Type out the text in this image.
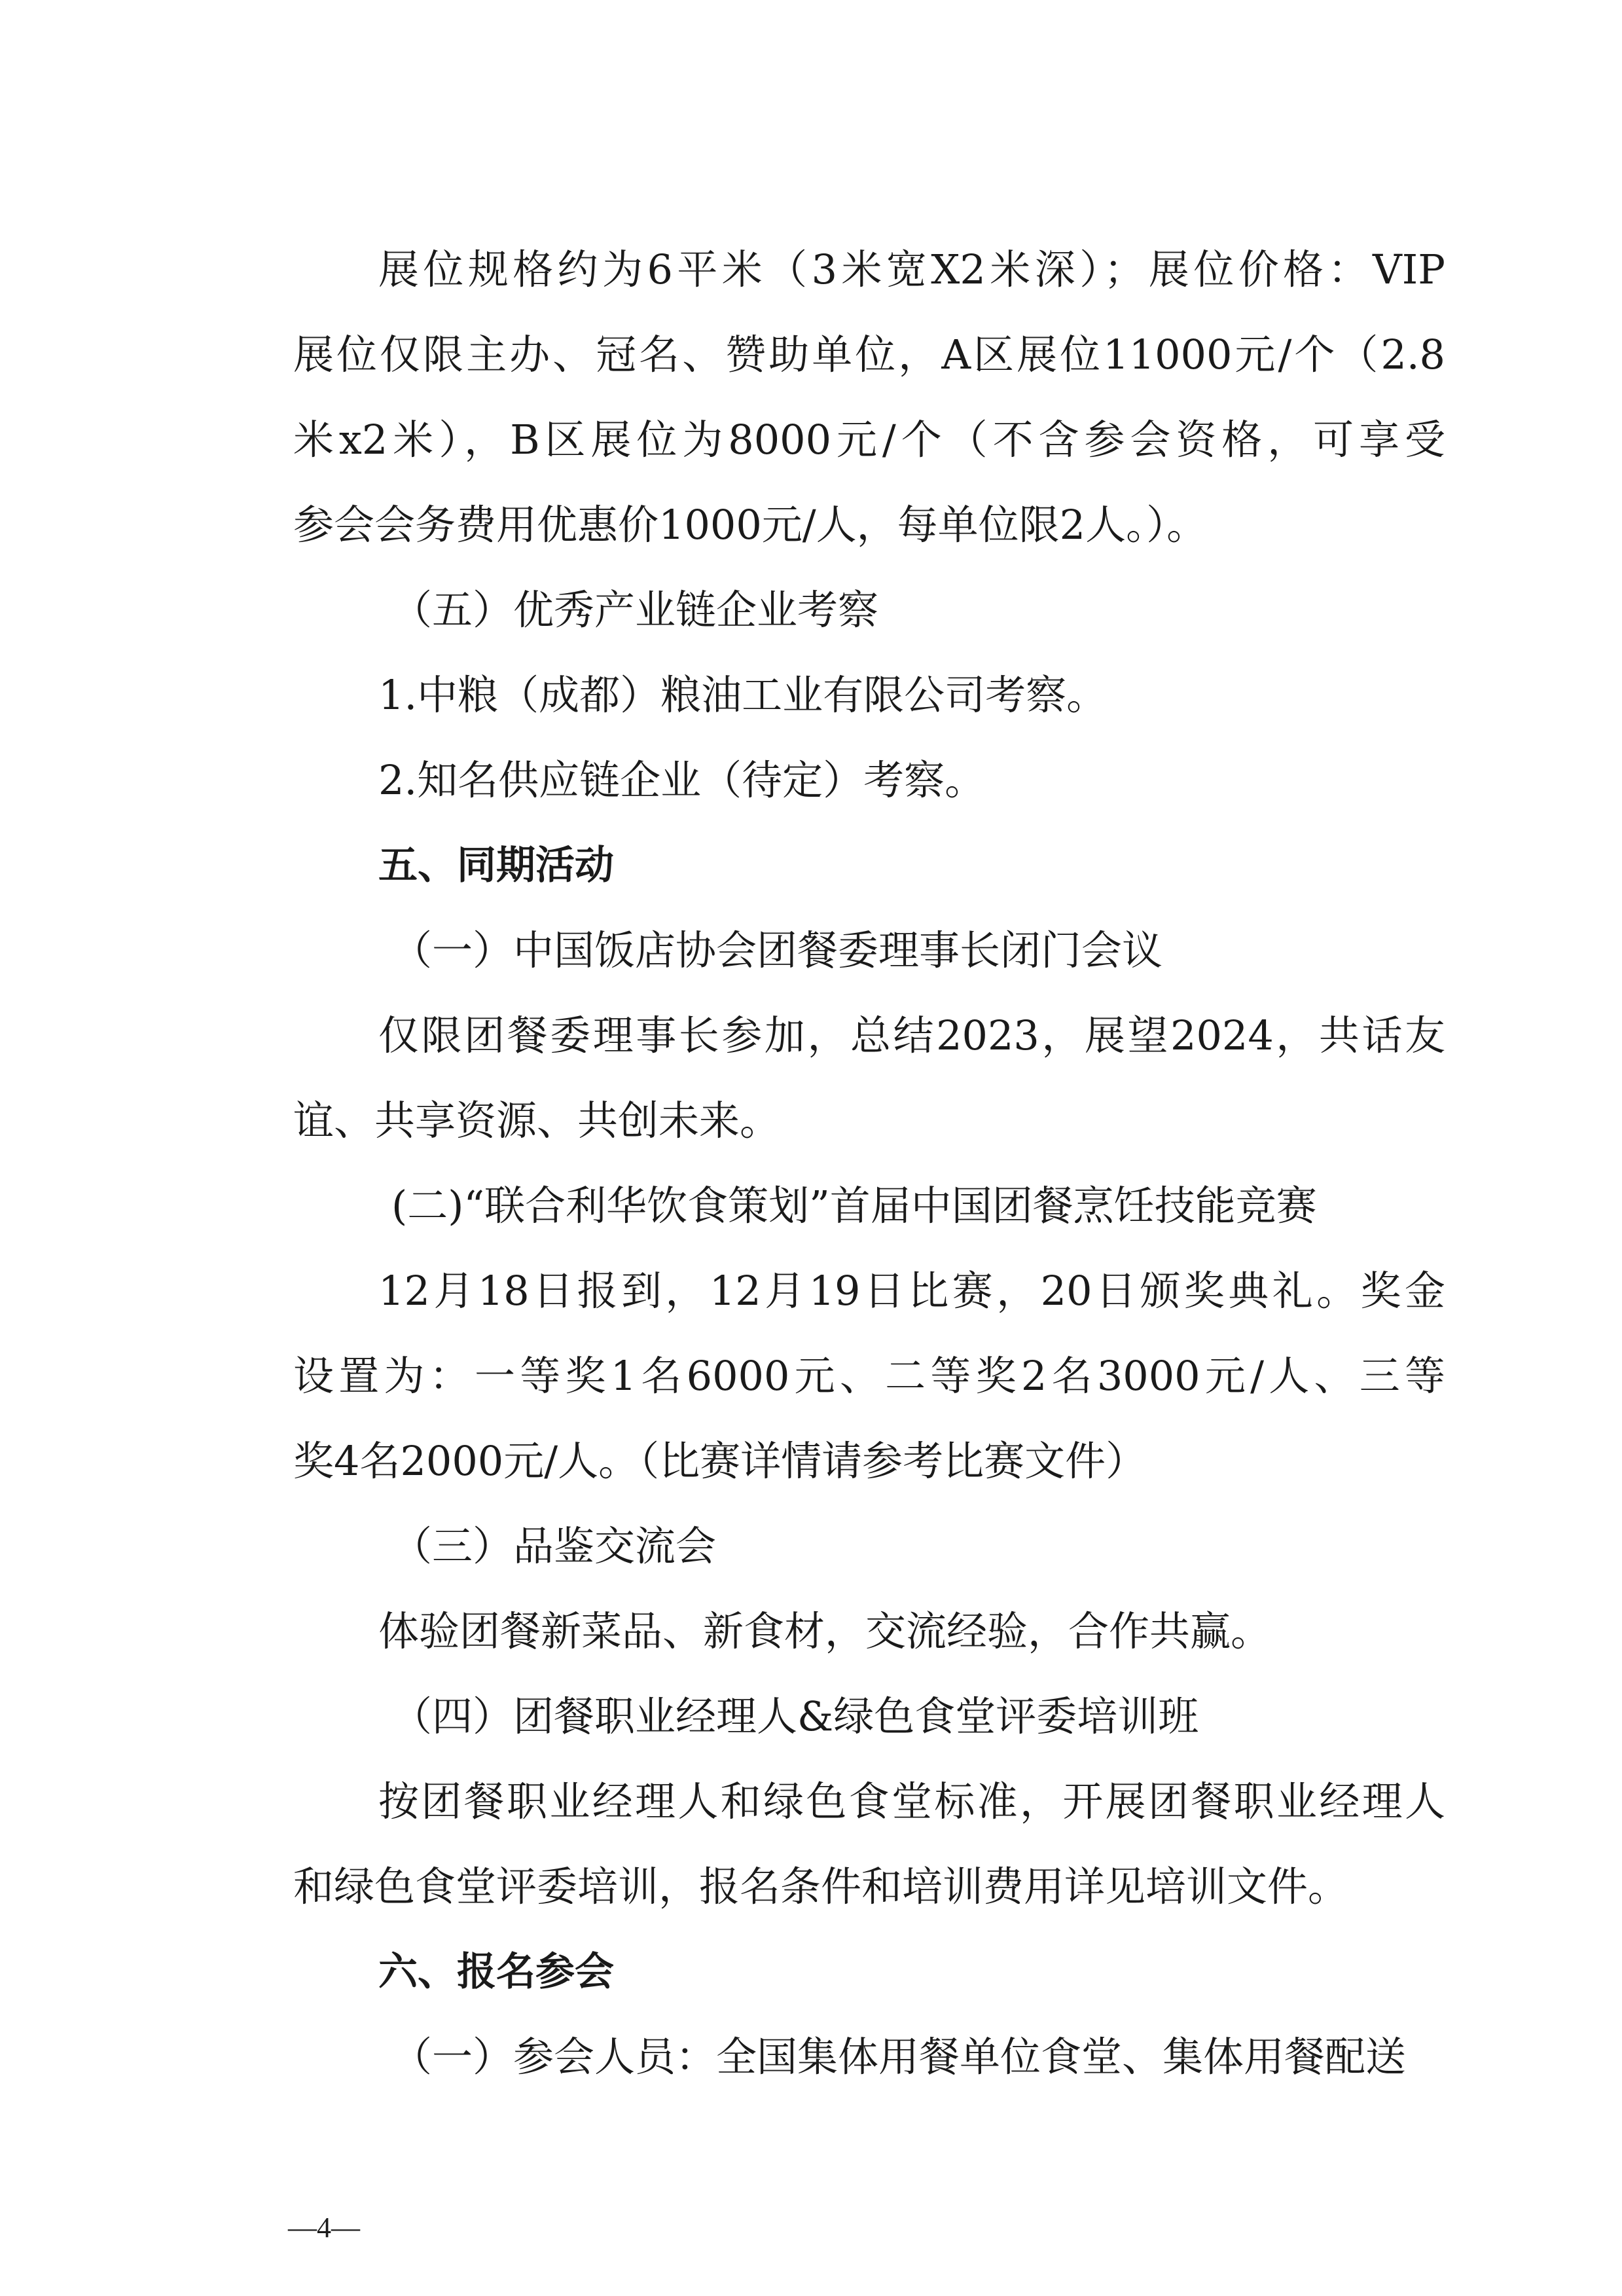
展位规格约为6平米（3米宽X2米深）；展位价格：VIP
展位仅限主办、冠名、赞助单位，A区展位11000元/个（2.8
米x2米），B区展位为8000元/个（不含参会资格，可享受
参会会务费用优惠价1000元/人，每单位限2人。）。
（五）优秀产业链企业考察
1.中粮（成都）粮油工业有限公司考察。
2.知名供应链企业（待定）考察。
五、同期活动
（一）中国饭店协会团餐委理事长闭门会议
仅限团餐委理事长参加，总结2023，展望2024，共话友
谊、共享资源、共创未来。
(二)“联合利华饮食策划”首届中国团餐烹饪技能竞赛
12月18日报到，12月19日比赛，20日颁奖典礼。奖金
设置为：一等奖1名6000元、二等奖2名3000元/人、三等
奖4名2000元/人。（比赛详情请参考比赛文件）
（三）品鉴交流会
体验团餐新菜品、新食材，交流经验，合作共赢。
（四）团餐职业经理人&绿色食堂评委培训班
按团餐职业经理人和绿色食堂标准，开展团餐职业经理人
和绿色食堂评委培训，报名条件和培训费用详见培训文件。
六、报名参会
（一）参会人员：全国集体用餐单位食堂、集体用餐配送
—4—
